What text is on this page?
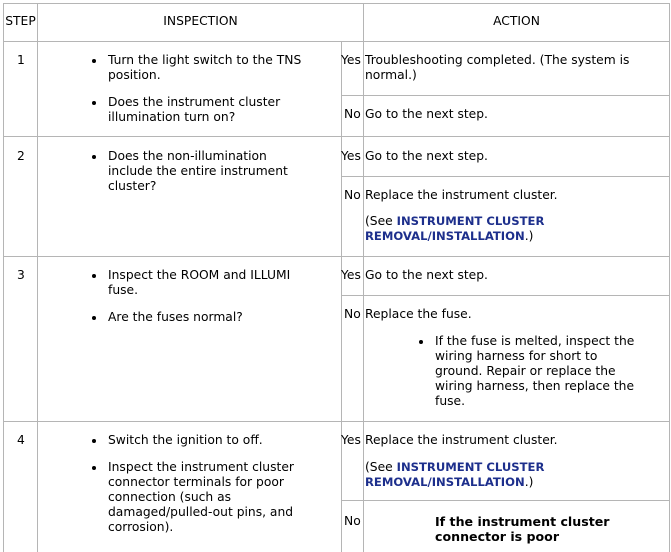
STEP	INSPECTION	ACTION
1	Turn the light switch to the TNS position.
Does the instrument cluster illumination turn on?
Yes Troubleshooting completed. (The system is normal.)
No Go to the next step.
2	Does the non-illumination include the entire instrument cluster?
Yes Go to the next step.
No Replace the instrument cluster.
(See INSTRUMENT CLUSTER REMOVAL/INSTALLATION.)
3	Inspect the ROOM and ILLUMI fuse.
Are the fuses normal?
Yes Go to the next step.
No Replace the fuse.
If the fuse is melted, inspect the wiring harness for short to ground. Repair or replace the wiring harness, then replace the fuse.
4	Switch the ignition to off.
Inspect the instrument cluster connector terminals for poor connection (such as damaged/pulled-out pins, and corrosion).
Yes Replace the instrument cluster.
(See INSTRUMENT CLUSTER REMOVAL/INSTALLATION.)
No	If the instrument cluster connector is poor
